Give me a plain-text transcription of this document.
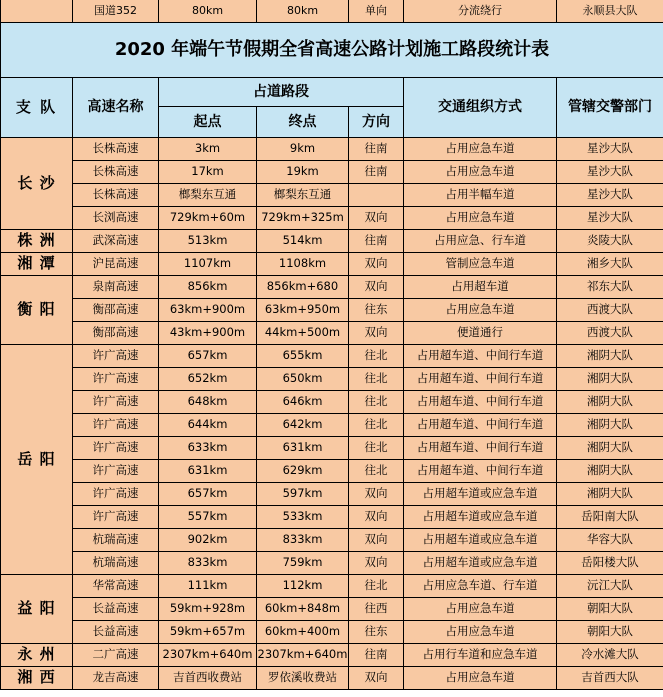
	国道352	80km	80km	单向	分流绕行	永顺县大队
2020 年端午节假期全省高速公路计划施工路段统计表						
支 队	高速名称	占道路段			交通组织方式	管辖交警部门
		起点	终点	方向		
长 沙	长株高速	3km	9km	往南	占用应急车道	星沙大队
	长株高速	17km	19km	往南	占用应急车道	星沙大队
	长株高速	榔梨东互通	榔梨东互通		占用半幅车道	星沙大队
	长浏高速	729km+60m	729km+325m	双向	占用应急车道	星沙大队
株 洲	武深高速	513km	514km	往南	占用应急、行车道	炎陵大队
湘 潭	沪昆高速	1107km	1108km	双向	管制应急车道	湘乡大队
衡 阳	泉南高速	856km	856km+680	双向	占用超车道	祁东大队
	衡邵高速	63km+900m	63km+950m	往东	占用应急车道	西渡大队
	衡邵高速	43km+900m	44km+500m	双向	便道通行	西渡大队
岳 阳	许广高速	657km	655km	往北	占用超车道、中间行车道	湘阴大队
	许广高速	652km	650km	往北	占用超车道、中间行车道	湘阴大队
	许广高速	648km	646km	往北	占用超车道、中间行车道	湘阴大队
	许广高速	644km	642km	往北	占用超车道、中间行车道	湘阴大队
	许广高速	633km	631km	往北	占用超车道、中间行车道	湘阴大队
	许广高速	631km	629km	往北	占用超车道、中间行车道	湘阴大队
	许广高速	657km	597km	双向	占用超车道或应急车道	湘阴大队
	许广高速	557km	533km	双向	占用超车道或应急车道	岳阳南大队
	杭瑞高速	902km	833km	双向	占用超车道或应急车道	华容大队
	杭瑞高速	833km	759km	双向	占用超车道或应急车道	岳阳楼大队
益 阳	华常高速	111km	112km	往北	占用应急车道、行车道	沅江大队
	长益高速	59km+928m	60km+848m	往西	占用应急车道	朝阳大队
	长益高速	59km+657m	60km+400m	往东	占用应急车道	朝阳大队
永 州	二广高速	2307km+640m	2307km+640m	往南	占用行车道和应急车道	冷水滩大队
湘 西	龙吉高速	吉首西收费站	罗依溪收费站	双向	占用应急车道	吉首西大队
